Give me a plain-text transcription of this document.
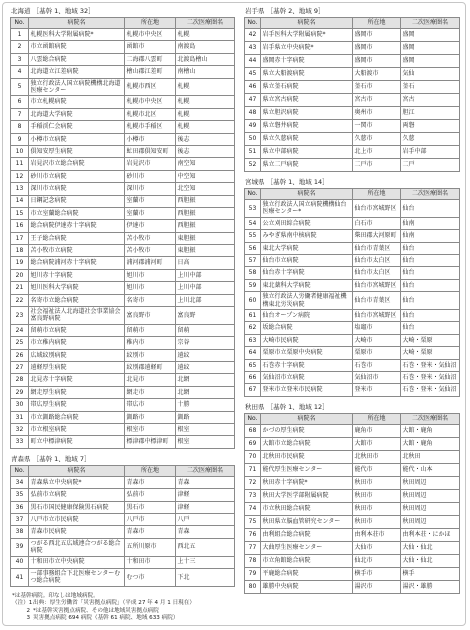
北海道 ［基幹 1、地域 32］
No.	病院名	所在地	二次医療圏名
1	札幌医科大学附属病院*	札幌市中央区	札幌
2	市立函館病院	函館市	南渡島
3	八雲総合病院	二海郡八雲町	北渡島檜山
4	北海道立江差病院	檜山郡江差町	南檜山
5	独立行政法人国立病院機構北海道医療センター	札幌市西区	札幌
6	市立札幌病院	札幌市中央区	札幌
7	北海道大学病院	札幌市北区	札幌
8	手稲渓仁会病院	札幌市手稲区	札幌
9	小樽市立病院	小樽市	後志
10	倶知安厚生病院	虻田郡倶知安町	後志
11	岩見沢市立総合病院	岩見沢市	南空知
12	砂川市立病院	砂川市	中空知
13	深川市立病院	深川市	北空知
14	日鋼記念病院	室蘭市	西胆振
15	市立室蘭総合病院	室蘭市	西胆振
16	総合病院伊達赤十字病院	伊達市	西胆振
17	王子総合病院	苫小牧市	東胆振
18	苫小牧市立病院	苫小牧市	東胆振
19	総合病院浦河赤十字病院	浦河郡浦河町	日高
20	旭川赤十字病院	旭川市	上川中部
21	旭川医科大学病院	旭川市	上川中部
22	名寄市立総合病院	名寄市	上川北部
23	社会福祉法人北海道社会事業協会富良野病院	富良野市	富良野
24	留萌市立病院	留萌市	留萌
25	市立稚内病院	稚内市	宗谷
26	広域紋別病院	紋別市	遠紋
27	遠軽厚生病院	紋別郡遠軽町	遠紋
28	北見赤十字病院	北見市	北網
29	網走厚生病院	網走市	北網
30	帯広厚生病院	帯広市	十勝
31	市立釧路総合病院	釧路市	釧路
32	市立根室病院	根室市	根室
33	町立中標津病院	標津郡中標津町	根室
青森県 ［基幹 1、地域 7］
No.	病院名	所在地	二次医療圏名
34	青森県立中央病院*	青森市	青森
35	弘前市立病院	弘前市	津軽
36	黒石市国民健康保険黒石病院	黒石市	津軽
37	八戸市立市民病院	八戸市	八戸
38	青森市民病院	青森市	青森
39	つがる西北五広域連合つがる総合病院	五所川原市	西北五
40	十和田市立中央病院	十和田市	上十三
41	一部事務組合下北医療センターむつ総合病院	むつ市	下北
*は基幹病院。印なしは地域病院。
（注）1出典：厚生労働省「災害拠点病院」（平成 27 年 4 月 1 日現在）
2 *は基幹災害拠点病院、その他は地域災害拠点病院
3 災害拠点病院 694 病院（基幹 61 病院、地域 633 病院）
岩手県 ［基幹 2、地域 9］
No.	病院名	所在地	二次医療圏名
42	岩手医科大学附属病院*	盛岡市	盛岡
43	岩手県立中央病院*	盛岡市	盛岡
44	盛岡赤十字病院	盛岡市	盛岡
45	県立大船渡病院	大船渡市	気仙
46	県立釜石病院	釜石市	釜石
47	県立宮古病院	宮古市	宮古
48	県立胆沢病院	奥州市	胆江
49	県立磐井病院	一関市	両磐
50	県立久慈病院	久慈市	久慈
51	県立中部病院	北上市	岩手中部
52	県立二戸病院	二戸市	二戸
宮城県 ［基幹 1、地域 14］
No.	病院名	所在地	二次医療圏名
53	独立行政法人国立病院機構仙台医療センター*	仙台市宮城野区	仙台
54	公立刈田綜合病院	白石市	仙南
55	みやぎ県南中核病院	柴田郡大河原町	仙南
56	東北大学病院	仙台市青葉区	仙台
57	仙台市立病院	仙台市太白区	仙台
58	仙台赤十字病院	仙台市太白区	仙台
59	東北薬科大学病院	仙台市宮城野区	仙台
60	独立行政法人労働者健康福祉機構東北労災病院	仙台市青葉区	仙台
61	仙台オープン病院	仙台市宮城野区	仙台
62	坂総合病院	塩竈市	仙台
63	大崎市民病院	大崎市	大崎・栗原
64	栗原市立栗原中央病院	栗原市	大崎・栗原
65	石巻赤十字病院	石巻市	石巻・登米・気仙沼
66	気仙沼市立病院	気仙沼市	石巻・登米・気仙沼
67	登米市立登米市民病院	登米市	石巻・登米・気仙沼
秋田県 ［基幹 1、地域 12］
No.	病院名	所在地	二次医療圏名
68	かづの厚生病院	鹿角市	大館・鹿角
69	大館市立総合病院	大館市	大館・鹿角
70	北秋田市民病院	北秋田市	北秋田
71	能代厚生医療センター	能代市	能代・山本
72	秋田赤十字病院*	秋田市	秋田周辺
73	秋田大学医学部附属病院	秋田市	秋田周辺
74	市立秋田総合病院	秋田市	秋田周辺
75	秋田県立脳血管研究センター	秋田市	秋田周辺
76	由利組合総合病院	由利本荘市	由利本荘・にかほ
77	大曲厚生医療センター	大仙市	大仙・仙北
78	市立角館総合病院	仙北市	大仙・仙北
79	平鹿総合病院	横手市	横手
80	雄勝中央病院	湯沢市	湯沢・雄勝
